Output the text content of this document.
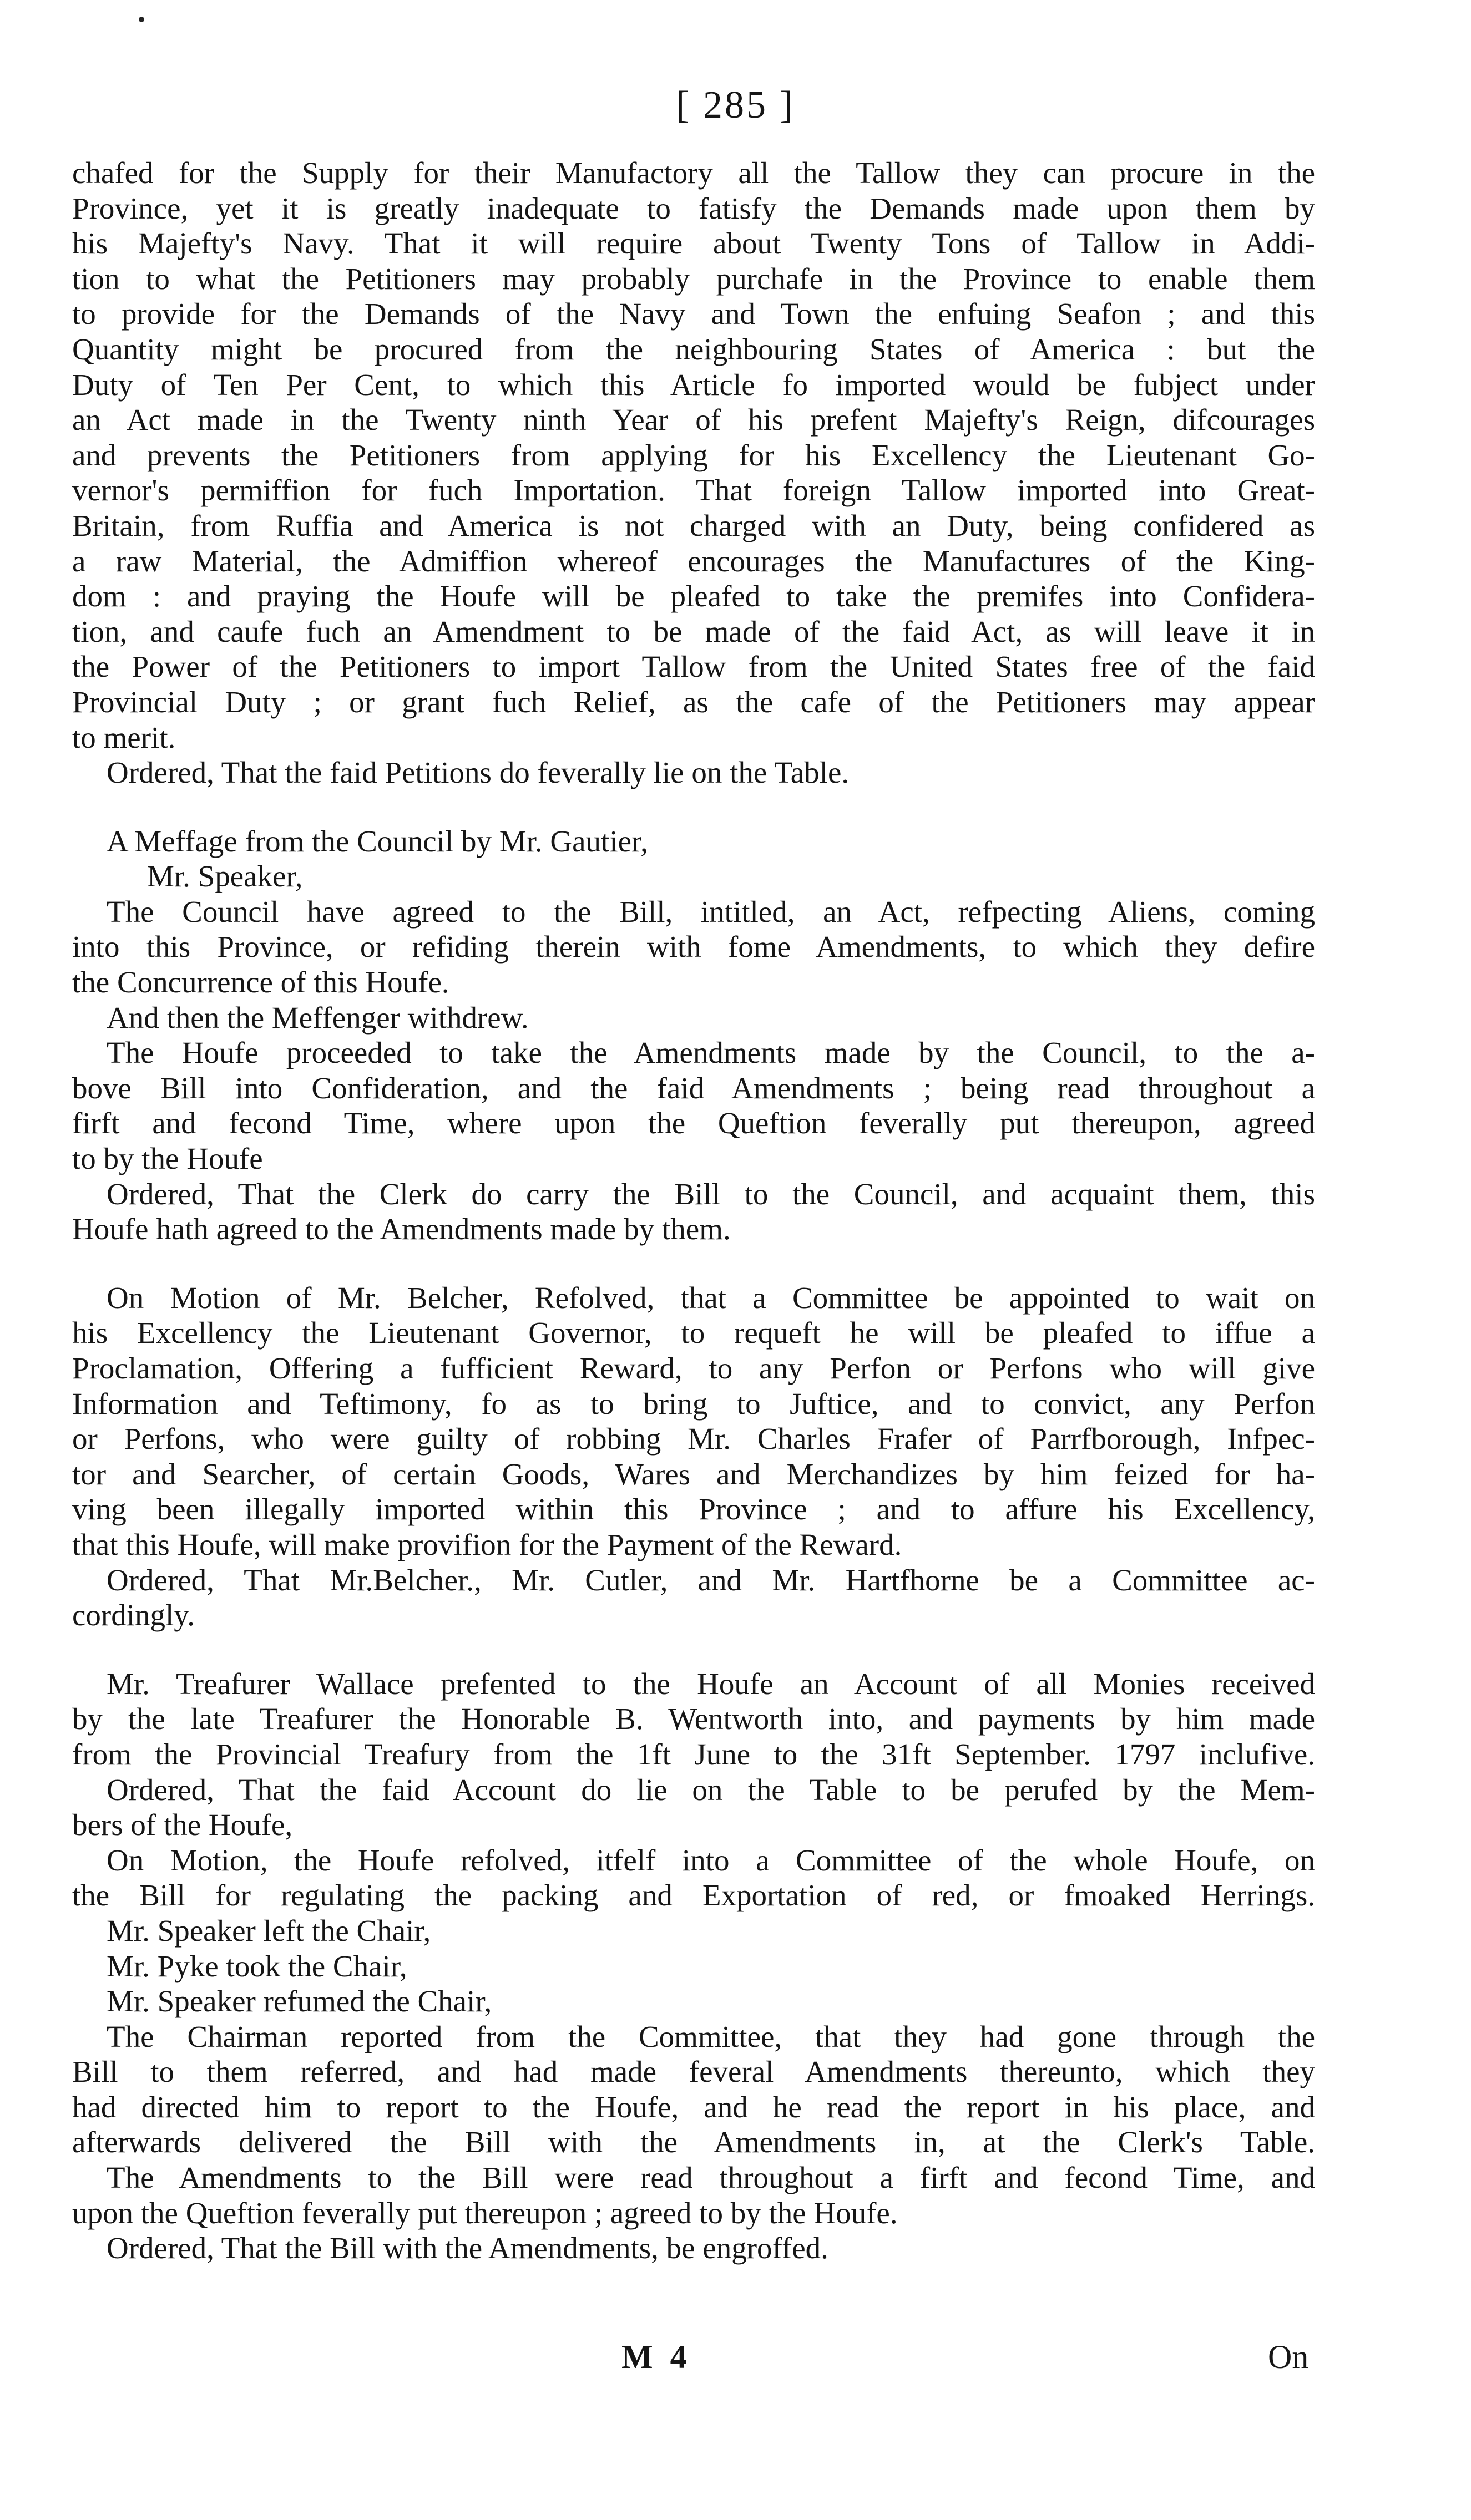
[ 285 ]
chafed for the Supply for their Manufactory all the Tallow they can procure in the
Province, yet it is greatly inadequate to fatisfy the Demands made upon them by
his Majefty's Navy. That it will require about Twenty Tons of Tallow in Addi-
tion to what the Petitioners may probably purchafe in the Province to enable them
to provide for the Demands of the Navy and Town the enfuing Seafon ; and this
Quantity might be procured from the neighbouring States of America : but the
Duty of Ten Per Cent, to which this Article fo imported would be fubject under
an Act made in the Twenty ninth Year of his prefent Majefty's Reign, difcourages
and prevents the Petitioners from applying for his Excellency the Lieutenant Go-
vernor's permiffion for fuch Importation. That foreign Tallow imported into Great-
Britain, from Ruffia and America is not charged with an Duty, being confidered as
a raw Material, the Admiffion whereof encourages the Manufactures of the King-
dom : and praying the Houfe will be pleafed to take the premifes into Confidera-
tion, and caufe fuch an Amendment to be made of the faid Act, as will leave it in
the Power of the Petitioners to import Tallow from the United States free of the faid
Provincial Duty ; or grant fuch Relief, as the cafe of the Petitioners may appear
to merit.
Ordered, That the faid Petitions do feverally lie on the Table.
A Meffage from the Council by Mr. Gautier,
Mr. Speaker,
The Council have agreed to the Bill, intitled, an Act, refpecting Aliens, coming
into this Province, or refiding therein with fome Amendments, to which they defire
the Concurrence of this Houfe.
And then the Meffenger withdrew.
The Houfe proceeded to take the Amendments made by the Council, to the a-
bove Bill into Confideration, and the faid Amendments ; being read throughout a
firft and fecond Time, where upon the Queftion feverally put thereupon, agreed
to by the Houfe
Ordered, That the Clerk do carry the Bill to the Council, and acquaint them, this
Houfe hath agreed to the Amendments made by them.
On Motion of Mr. Belcher, Refolved, that a Committee be appointed to wait on
his Excellency the Lieutenant Governor, to requeft he will be pleafed to iffue a
Proclamation, Offering a fufficient Reward, to any Perfon or Perfons who will give
Information and Teftimony, fo as to bring to Juftice, and to convict, any Perfon
or Perfons, who were guilty of robbing Mr. Charles Frafer of Parrfborough, Infpec-
tor and Searcher, of certain Goods, Wares and Merchandizes by him feized for ha-
ving been illegally imported within this Province ; and to affure his Excellency,
that this Houfe, will make provifion for the Payment of the Reward.
Ordered, That Mr.Belcher., Mr. Cutler, and Mr. Hartfhorne be a Committee ac-
cordingly.
Mr. Treafurer Wallace prefented to the Houfe an Account of all Monies received
by the late Treafurer the Honorable B. Wentworth into, and payments by him made
from the Provincial Treafury from the 1ft June to the 31ft September. 1797 inclufive.
Ordered, That the faid Account do lie on the Table to be perufed by the Mem-
bers of the Houfe,
On Motion, the Houfe refolved, itfelf into a Committee of the whole Houfe, on
the Bill for regulating the packing and Exportation of red, or fmoaked Herrings.
Mr. Speaker left the Chair,
Mr. Pyke took the Chair,
Mr. Speaker refumed the Chair,
The Chairman reported from the Committee, that they had gone through the
Bill to them referred, and had made feveral Amendments thereunto, which they
had directed him to report to the Houfe, and he read the report in his place, and
afterwards delivered the Bill with the Amendments in, at the Clerk's Table.
The Amendments to the Bill were read throughout a firft and fecond Time, and
upon the Queftion feverally put thereupon ; agreed to by the Houfe.
Ordered, That the Bill with the Amendments, be engroffed.
M 4	On
